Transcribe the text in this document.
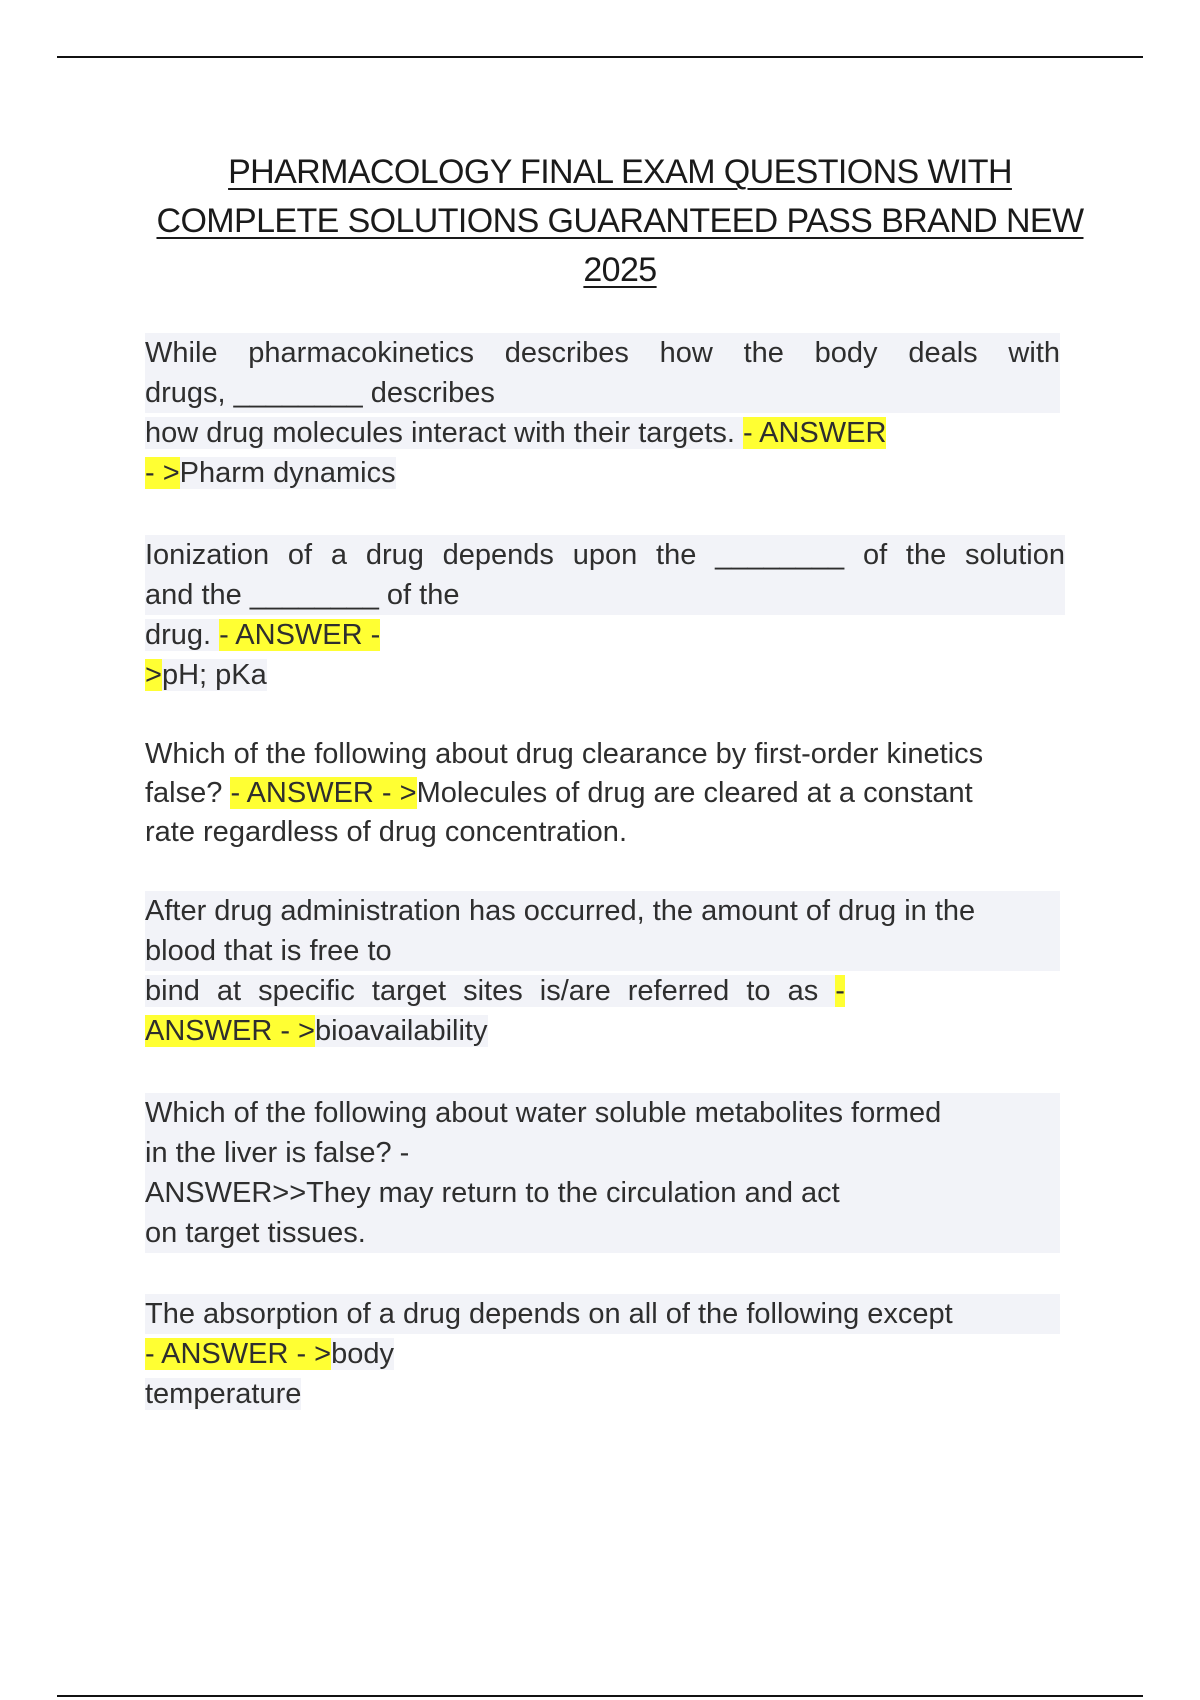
PHARMACOLOGY FINAL EXAM QUESTIONS WITH
COMPLETE SOLUTIONS GUARANTEED PASS BRAND NEW
2025
While pharmacokinetics describes how the body deals with
drugs, ________ describes
how drug molecules interact with their targets. - ANSWER
- >Pharm dynamics
Ionization of a drug depends upon the ________ of the solution
and the ________ of the
drug. - ANSWER -
>pH; pKa
Which of the following about drug clearance by first-order kinetics
false? - ANSWER - >Molecules of drug are cleared at a constant
rate regardless of drug concentration.
After drug administration has occurred, the amount of drug in the
blood that is free to
bind at specific target sites is/are referred to as -
ANSWER - >bioavailability
Which of the following about water soluble metabolites formed
in the liver is false? -
ANSWER>>They may return to the circulation and act
on target tissues.
The absorption of a drug depends on all of the following except
- ANSWER - >body
temperature
